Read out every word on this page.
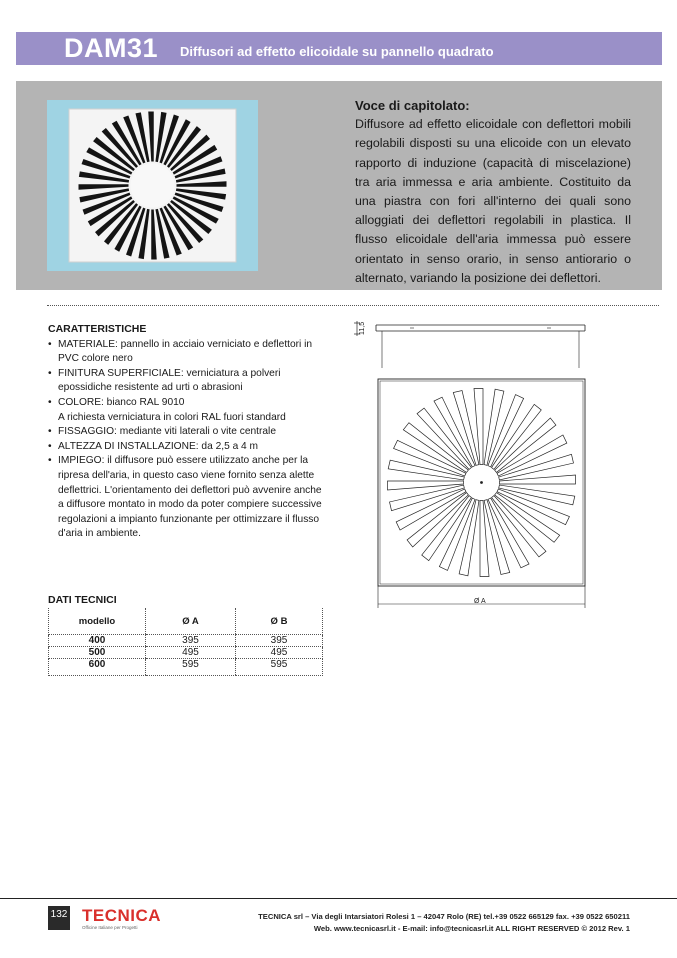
DAM31 Diffusori ad effetto elicoidale su pannello quadrato
Voce di capitolato:
Diffusore ad effetto elicoidale con deflettori mobili regolabili disposti su una elicoide con un elevato rapporto di induzione (capacità di miscelazione) tra aria immessa e aria ambiente. Costituito da una piastra con fori all'interno dei quali sono alloggiati dei deflettori regolabili in plastica. Il flusso elicoidale dell'aria immessa può essere orientato in senso orario, in senso antiorario o alternato, variando la posizione dei deflettori.
CARATTERISTICHE
• MATERIALE: pannello in acciaio verniciato e deflettori in PVC colore nero
• FINITURA SUPERFICIALE: verniciatura a polveri epossidiche resistente ad urti o abrasioni
• COLORE: bianco RAL 9010
A richiesta verniciatura in colori RAL fuori standard
• FISSAGGIO: mediante viti laterali o vite centrale
• ALTEZZA DI INSTALLAZIONE: da 2,5 a 4 m
• IMPIEGO: il diffusore può essere utilizzato anche per la ripresa dell'aria, in questo caso viene fornito senza alette deflettrici. L'orientamento dei deflettori può avvenire anche a diffusore montato in modo da poter compiere successive regolazioni a impianto funzionante per ottimizzare il flusso d'aria in ambiente.
11,5
Ø A
DATI TECNICI
modello	Ø A	Ø B
400	395	395
500	495	495
600	595	595
132 TECNICA
Officine Italiane per Progetti
TECNICA srl – Via degli Intarsiatori Rolesi 1 – 42047 Rolo (RE) tel.+39 0522 665129 fax. +39 0522 650211
Web. www.tecnicasrl.it - E-mail: info@tecnicasrl.it ALL RIGHT RESERVED © 2012 Rev. 1
